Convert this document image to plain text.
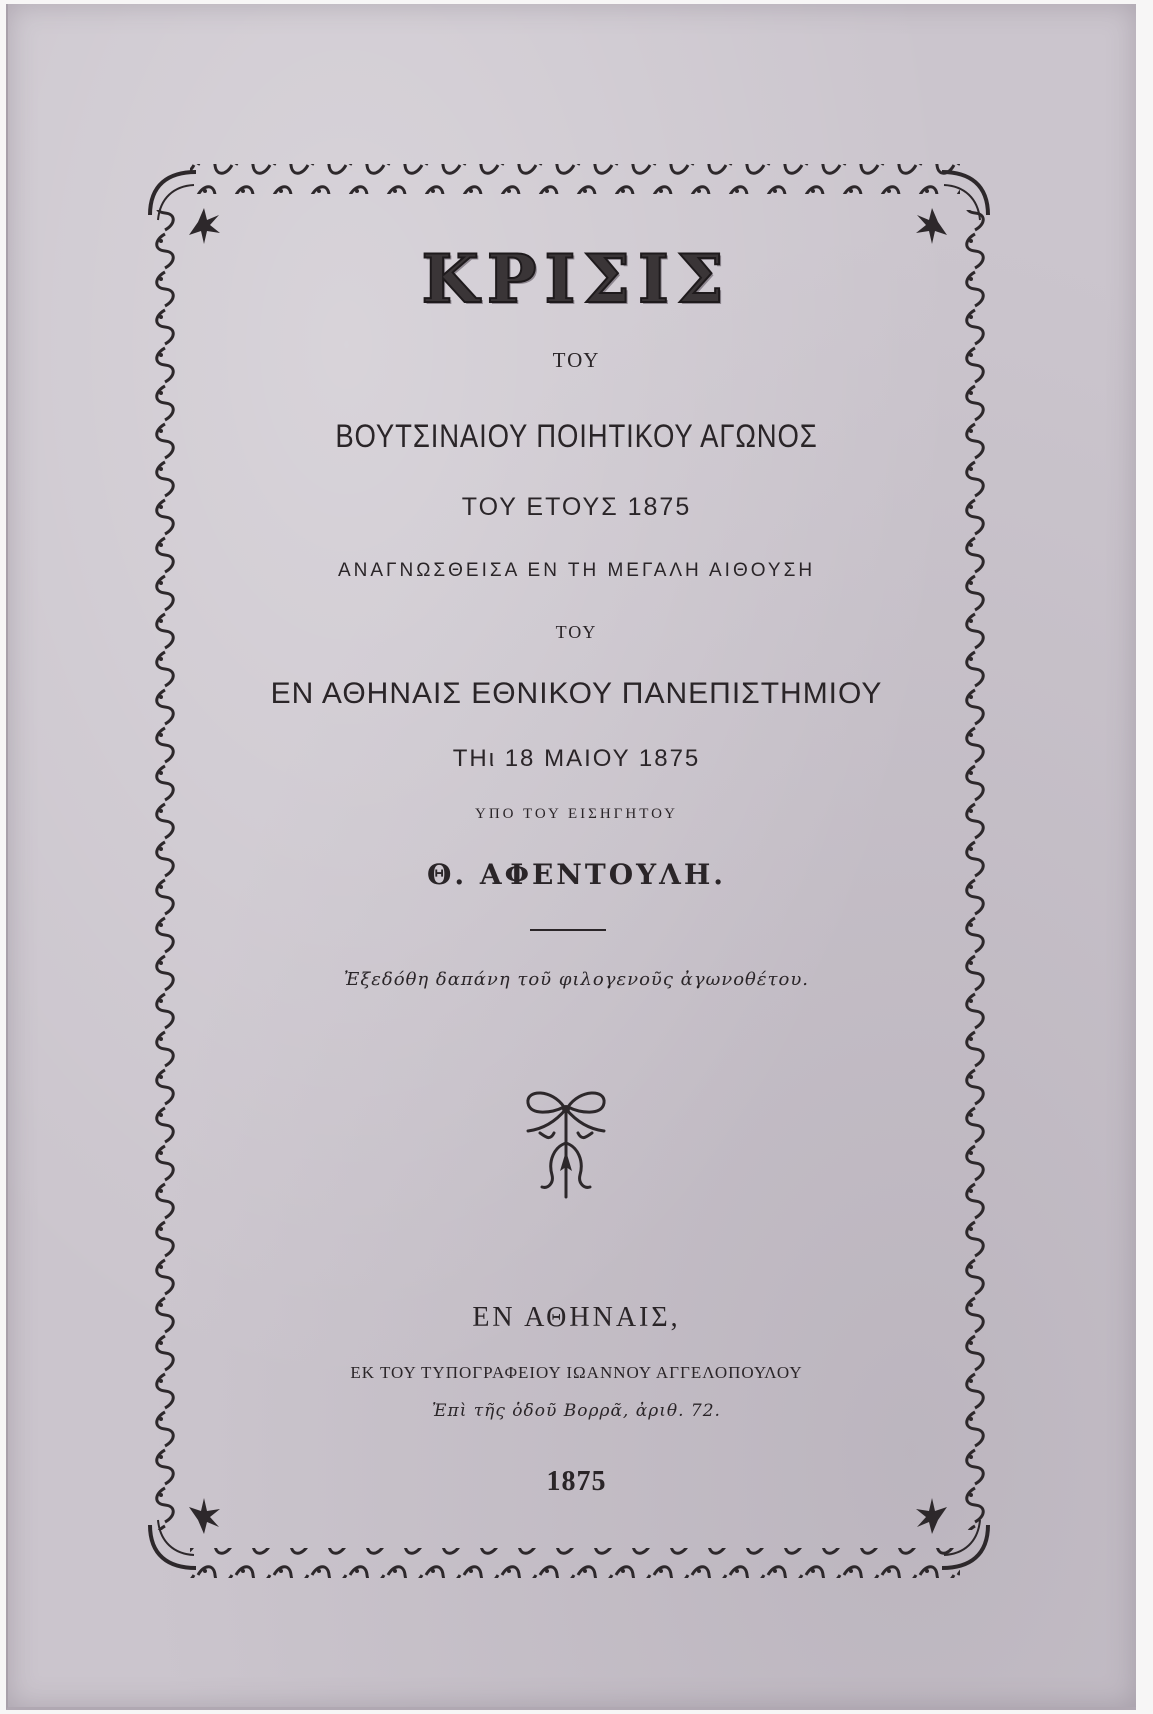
ΚΡΙΣΙΣ
ΤΟΥ
ΒΟΥΤΣΙΝΑΙΟΥ ΠΟΙΗΤΙΚΟΥ ΑΓΩΝΟΣ
ΤΟΥ ΕΤΟΥΣ 1875
ΑΝΑΓΝΩΣΘΕΙΣΑ ΕΝ ΤΗ ΜΕΓΑΛΗ ΑΙΘΟΥΣΗ
ΤΟΥ
ΕΝ ΑΘΗΝΑΙΣ ΕΘΝΙΚΟΥ ΠΑΝΕΠΙΣΤΗΜΙΟΥ
ΤΗι 18 ΜΑΙΟΥ 1875
ΥΠΟ ΤΟΥ ΕΙΣΗΓΗΤΟΥ
Θ. ΑΦΕΝΤΟΥΛΗ.
Ἐξεδόθη δαπάνη τοῦ φιλογενοῦς ἀγωνοθέτου.
ΕΝ ΑΘΗΝΑΙΣ,
ΕΚ ΤΟΥ ΤΥΠΟΓΡΑΦΕΙΟΥ ΙΩΑΝΝΟΥ ΑΓΓΕΛΟΠΟΥΛΟΥ
Ἐπὶ τῆς ὁδοῦ Βορρᾶ, ἀριθ. 72.
1875
